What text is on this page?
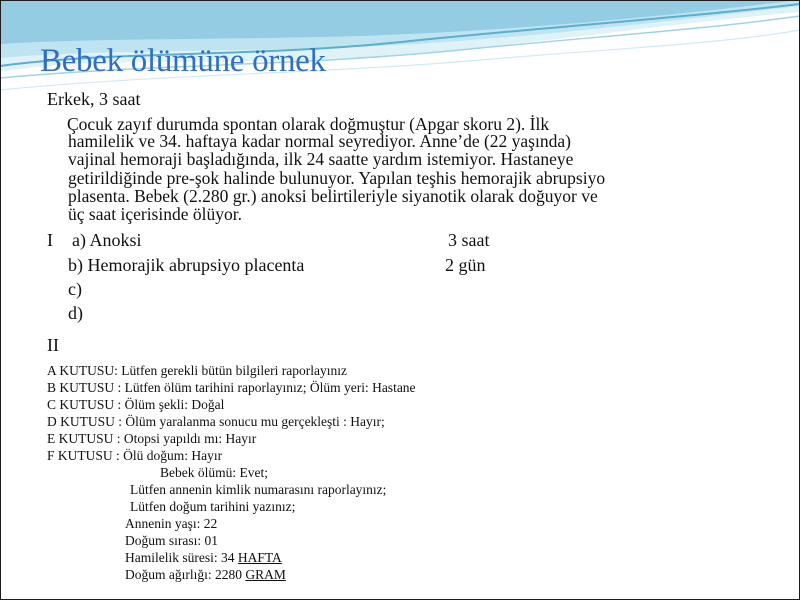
Bebek ölümüne örnek
Erkek, 3 saat
Çocuk zayıf durumda spontan olarak doğmuştur (Apgar skoru 2). İlk
hamilelik ve 34. haftaya kadar normal seyrediyor. Anne’de (22 yaşında)
vajinal hemoraji başladığında, ilk 24 saatte yardım istemiyor. Hastaneye
getirildiğinde pre-şok halinde bulunuyor. Yapılan teşhis hemorajik abrupsiyo
plasenta. Bebek (2.280 gr.) anoksi belirtileriyle siyanotik olarak doğuyor ve
üç saat içerisinde ölüyor.
I a) Anoksi	3 saat
b) Hemorajik abrupsiyo placenta	2 gün
c)
d)
II
A KUTUSU: Lütfen gerekli bütün bilgileri raporlayınız
B KUTUSU : Lütfen ölüm tarihini raporlayınız; Ölüm yeri: Hastane
C KUTUSU : Ölüm şekli: Doğal
D KUTUSU : Ölüm yaralanma sonucu mu gerçekleşti : Hayır;
E KUTUSU : Otopsi yapıldı mı: Hayır
F KUTUSU : Ölü doğum: Hayır
Bebek ölümü: Evet;
Lütfen annenin kimlik numarasını raporlayınız;
Lütfen doğum tarihini yazınız;
Annenin yaşı: 22
Doğum sırası: 01
Hamilelik süresi: 34 HAFTA
Doğum ağırlığı: 2280 GRAM
